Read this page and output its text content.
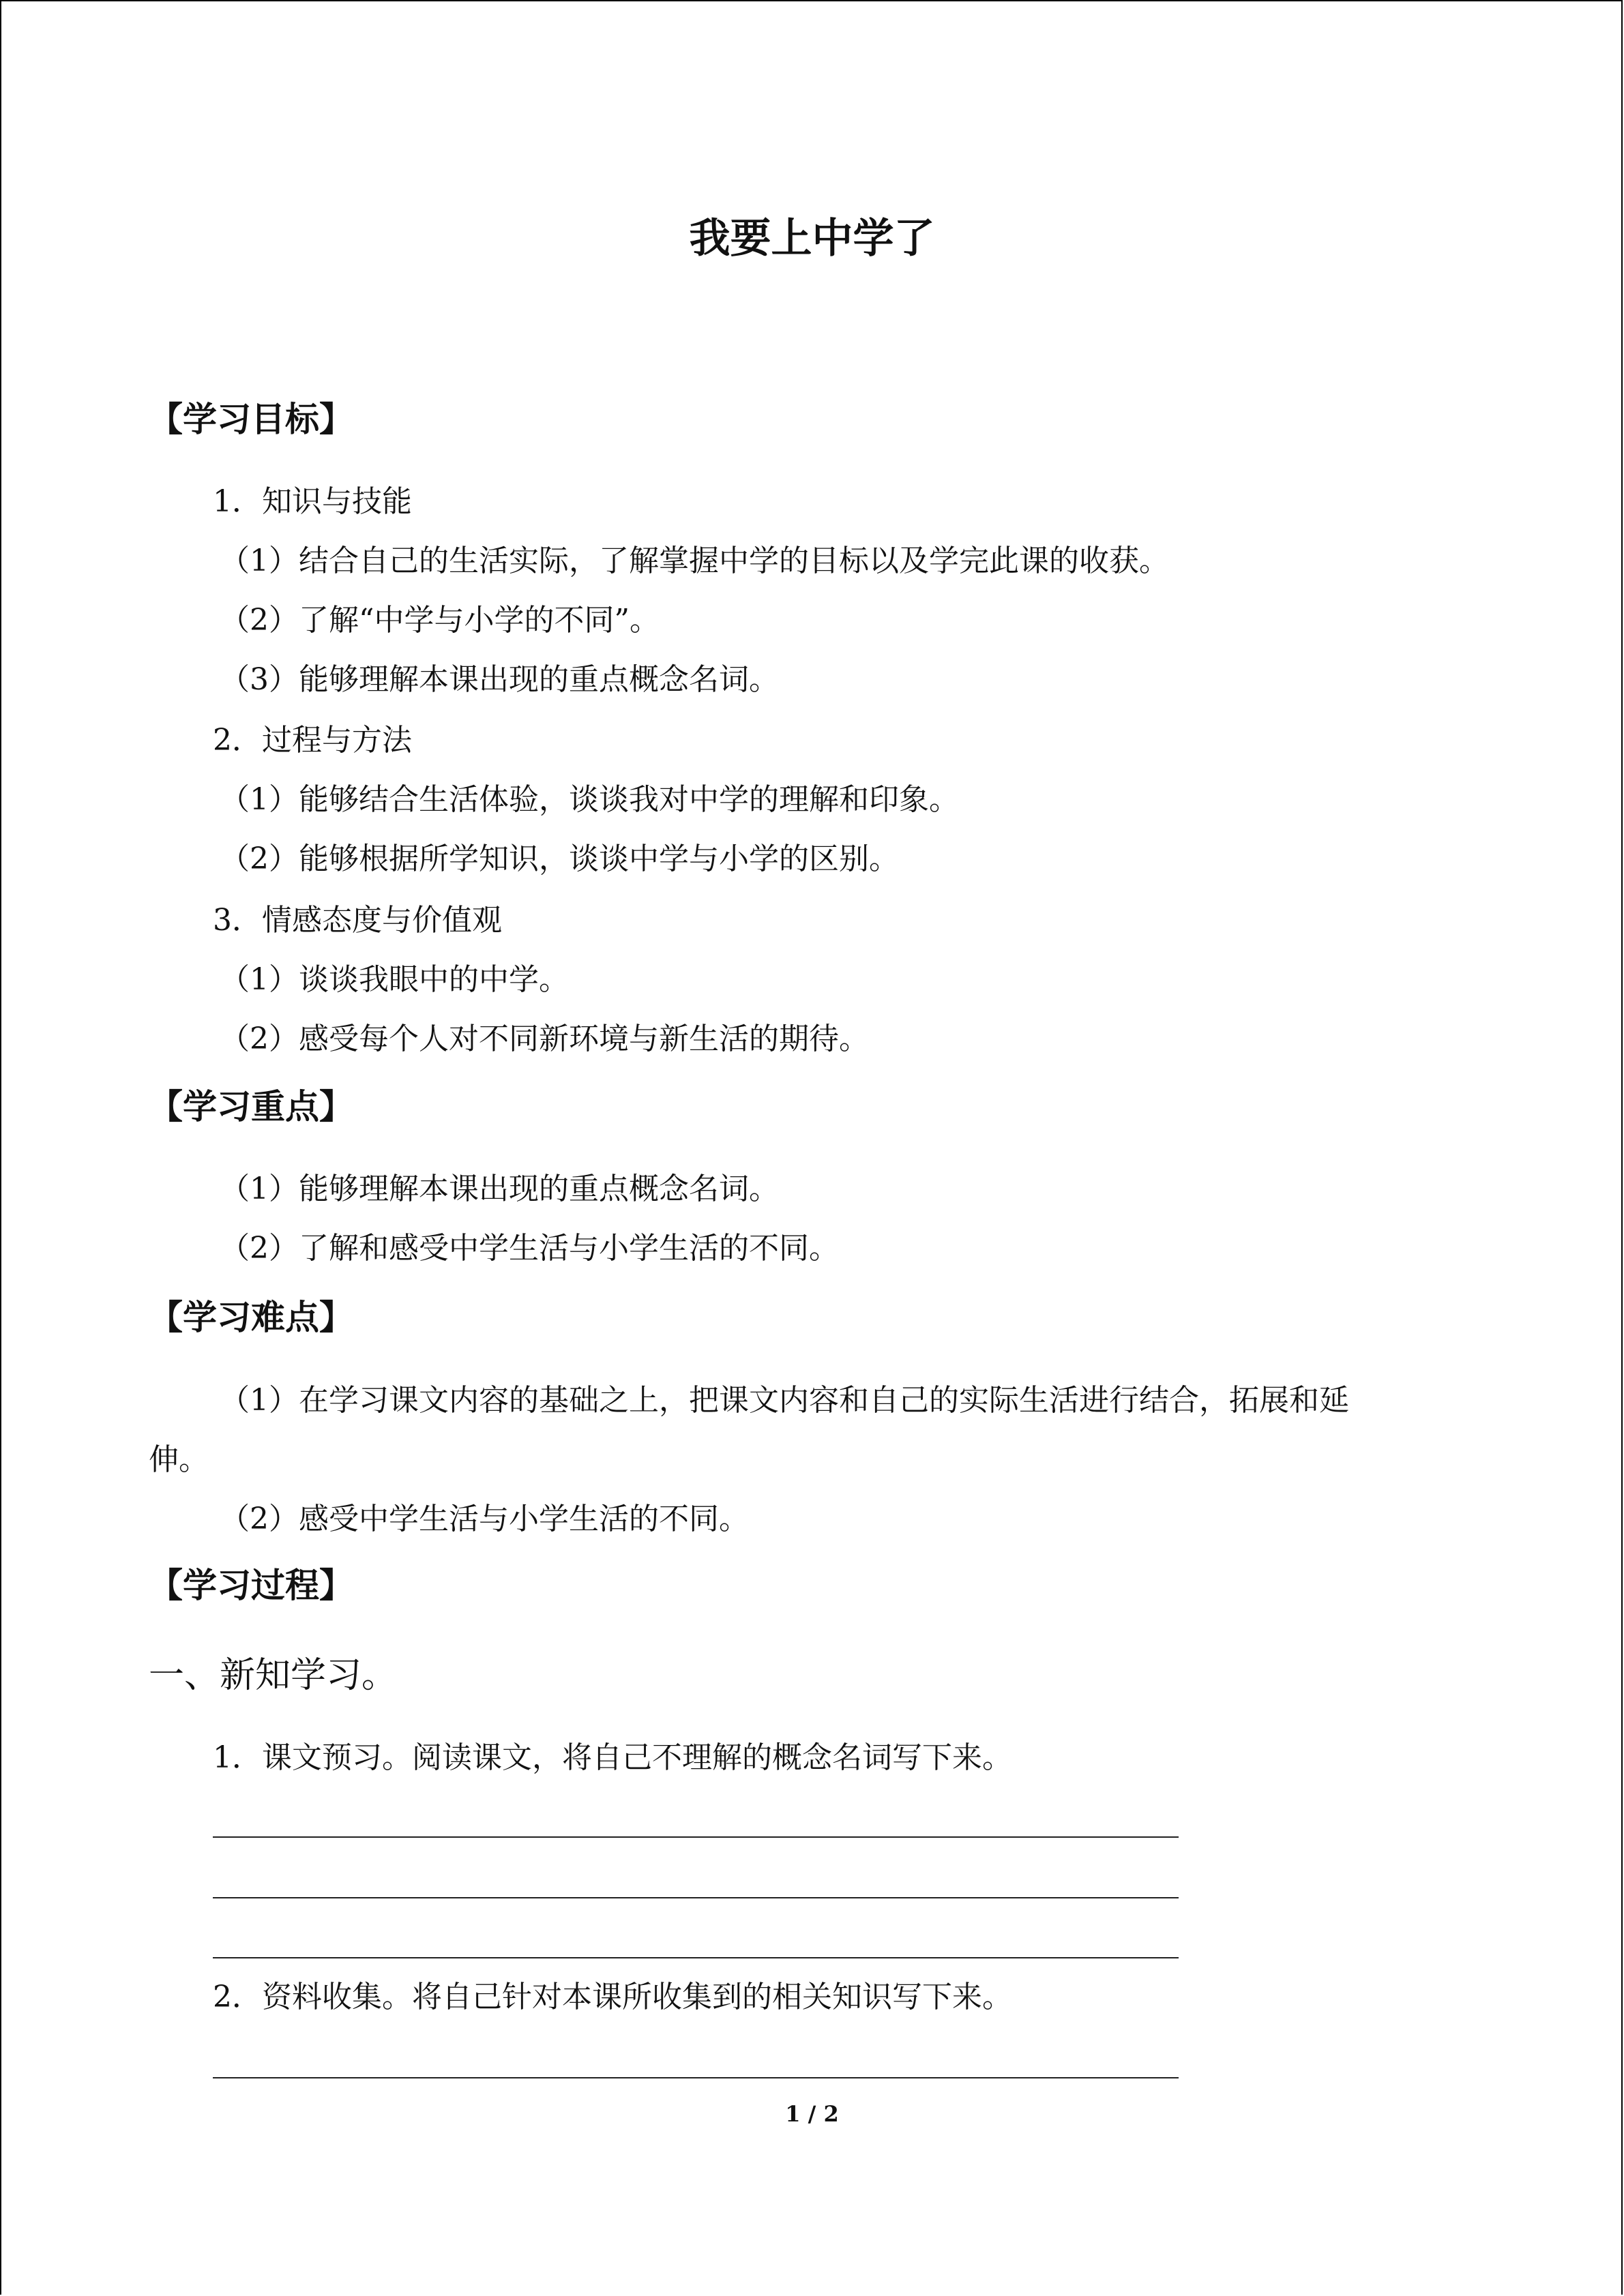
我要上中学了
【学习目标】
1．知识与技能
（1）结合自己的生活实际，了解掌握中学的目标以及学完此课的收获。
（2）了解“中学与小学的不同”。
（3）能够理解本课出现的重点概念名词。
2．过程与方法
（1）能够结合生活体验，谈谈我对中学的理解和印象。
（2）能够根据所学知识，谈谈中学与小学的区别。
3．情感态度与价值观
（1）谈谈我眼中的中学。
（2）感受每个人对不同新环境与新生活的期待。
【学习重点】
（1）能够理解本课出现的重点概念名词。
（2）了解和感受中学生活与小学生活的不同。
【学习难点】
（1）在学习课文内容的基础之上，把课文内容和自己的实际生活进行结合，拓展和延
伸。
（2）感受中学生活与小学生活的不同。
【学习过程】
一、新知学习。
1．课文预习。阅读课文，将自己不理解的概念名词写下来。
2．资料收集。将自己针对本课所收集到的相关知识写下来。
1 / 2
